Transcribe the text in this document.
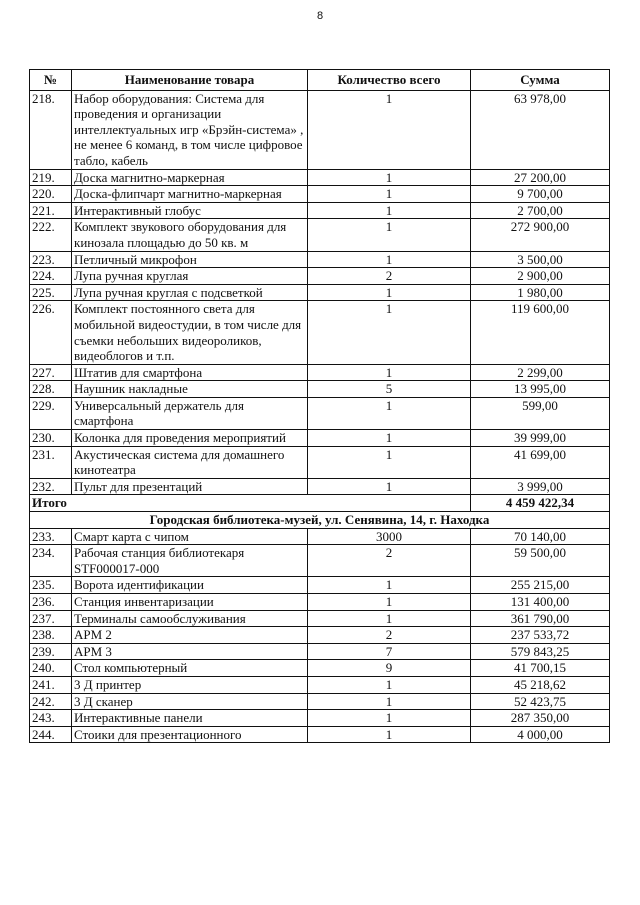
8
№	Наименование товара	Количество всего	Сумма
218.	Набор оборудования: Система для проведения и организации интеллектуальных игр «Брэйн-система» , не менее 6 команд, в том числе цифровое табло, кабель	1	63 978,00
219.	Доска магнитно-маркерная	1	27 200,00
220.	Доска-флипчарт магнитно-маркерная	1	9 700,00
221.	Интерактивный глобус	1	2 700,00
222.	Комплект звукового оборудования для кинозала площадью до 50 кв. м	1	272 900,00
223.	Петличный микрофон	1	3 500,00
224.	Лупа ручная круглая	2	2 900,00
225.	Лупа ручная круглая с подсветкой	1	1 980,00
226.	Комплект постоянного света для мобильной видеостудии, в том числе для съемки небольших видеороликов, видеоблогов и т.п.	1	119 600,00
227.	Штатив для смартфона	1	2 299,00
228.	Наушник накладные	5	13 995,00
229.	Универсальный держатель для смартфона	1	599,00
230.	Колонка для проведения мероприятий	1	39 999,00
231.	Акустическая система для домашнего кинотеатра	1	41 699,00
232.	Пульт для презентаций	1	3 999,00
Итого			4 459 422,34
Городская библиотека-музей, ул. Сенявина, 14, г. Находка			
233.	Смарт карта с чипом	3000	70 140,00
234.	Рабочая станция библиотекаря STF000017-000	2	59 500,00
235.	Ворота идентификации	1	255 215,00
236.	Станция инвентаризации	1	131 400,00
237.	Терминалы самообслуживания	1	361 790,00
238.	АРМ 2	2	237 533,72
239.	АРМ 3	7	579 843,25
240.	Стол компьютерный	9	41 700,15
241.	3 Д принтер	1	45 218,62
242.	3 Д сканер	1	52 423,75
243.	Интерактивные панели	1	287 350,00
244.	Стоики для презентационного	1	4 000,00
